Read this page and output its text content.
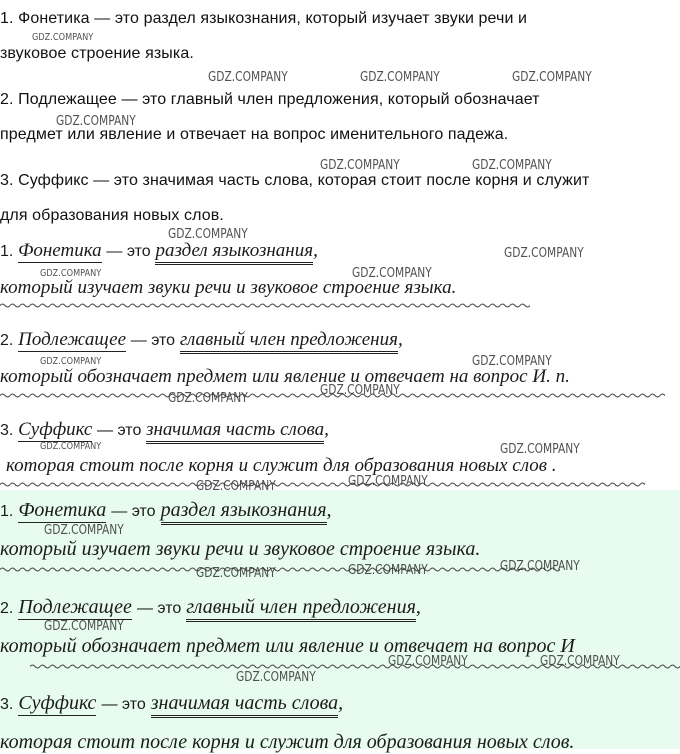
1. Фонетика — это раздел языкознания, который изучает звуки речи и
звуковое строение языка.
2. Подлежащее — это главный член предложения, который обозначает
предмет или явление и отвечает на вопрос именительного падежа.
3. Суффикс — это значимая часть слова, которая стоит после корня и служит
для образования новых слов.
1. Фонетика — это раздел языкознания,
который изучает звуки речи и звуковое строение языка.
2. Подлежащее — это главный член предложения,
который обозначает предмет или явление и отвечает на вопрос И. п.
3. Суффикс — это значимая часть слова,
которая стоит после корня и служит для образования новых слов .
1. Фонетика — это раздел языкознания,
который изучает звуки речи и звуковое строение языка.
2. Подлежащее — это главный член предложения,
который обозначает предмет или явление и отвечает на вопрос И
3. Суффикс — это значимая часть слова,
которая стоит после корня и служит для образования новых слов.
GDZ.COMPANY
GDZ.COMPANY	GDZ.COMPANY	GDZ.COMPANY
GDZ.COMPANY
GDZ.COMPANY	GDZ.COMPANY
GDZ.COMPANY
GDZ.COMPANY
GDZ.COMPANY	GDZ.COMPANY
GDZ.COMPANY	GDZ.COMPANY
GDZ.COMPANY
GDZ.COMPANY
GDZ.COMPANY	GDZ.COMPANY
GDZ.COMPANY
GDZ.COMPANY
GDZ.COMPANY
GDZ.COMPANY	GDZ.COMPANY	GDZ.COMPANY
GDZ.COMPANY
GDZ.COMPANY	GDZ.COMPANY
GDZ.COMPANY
